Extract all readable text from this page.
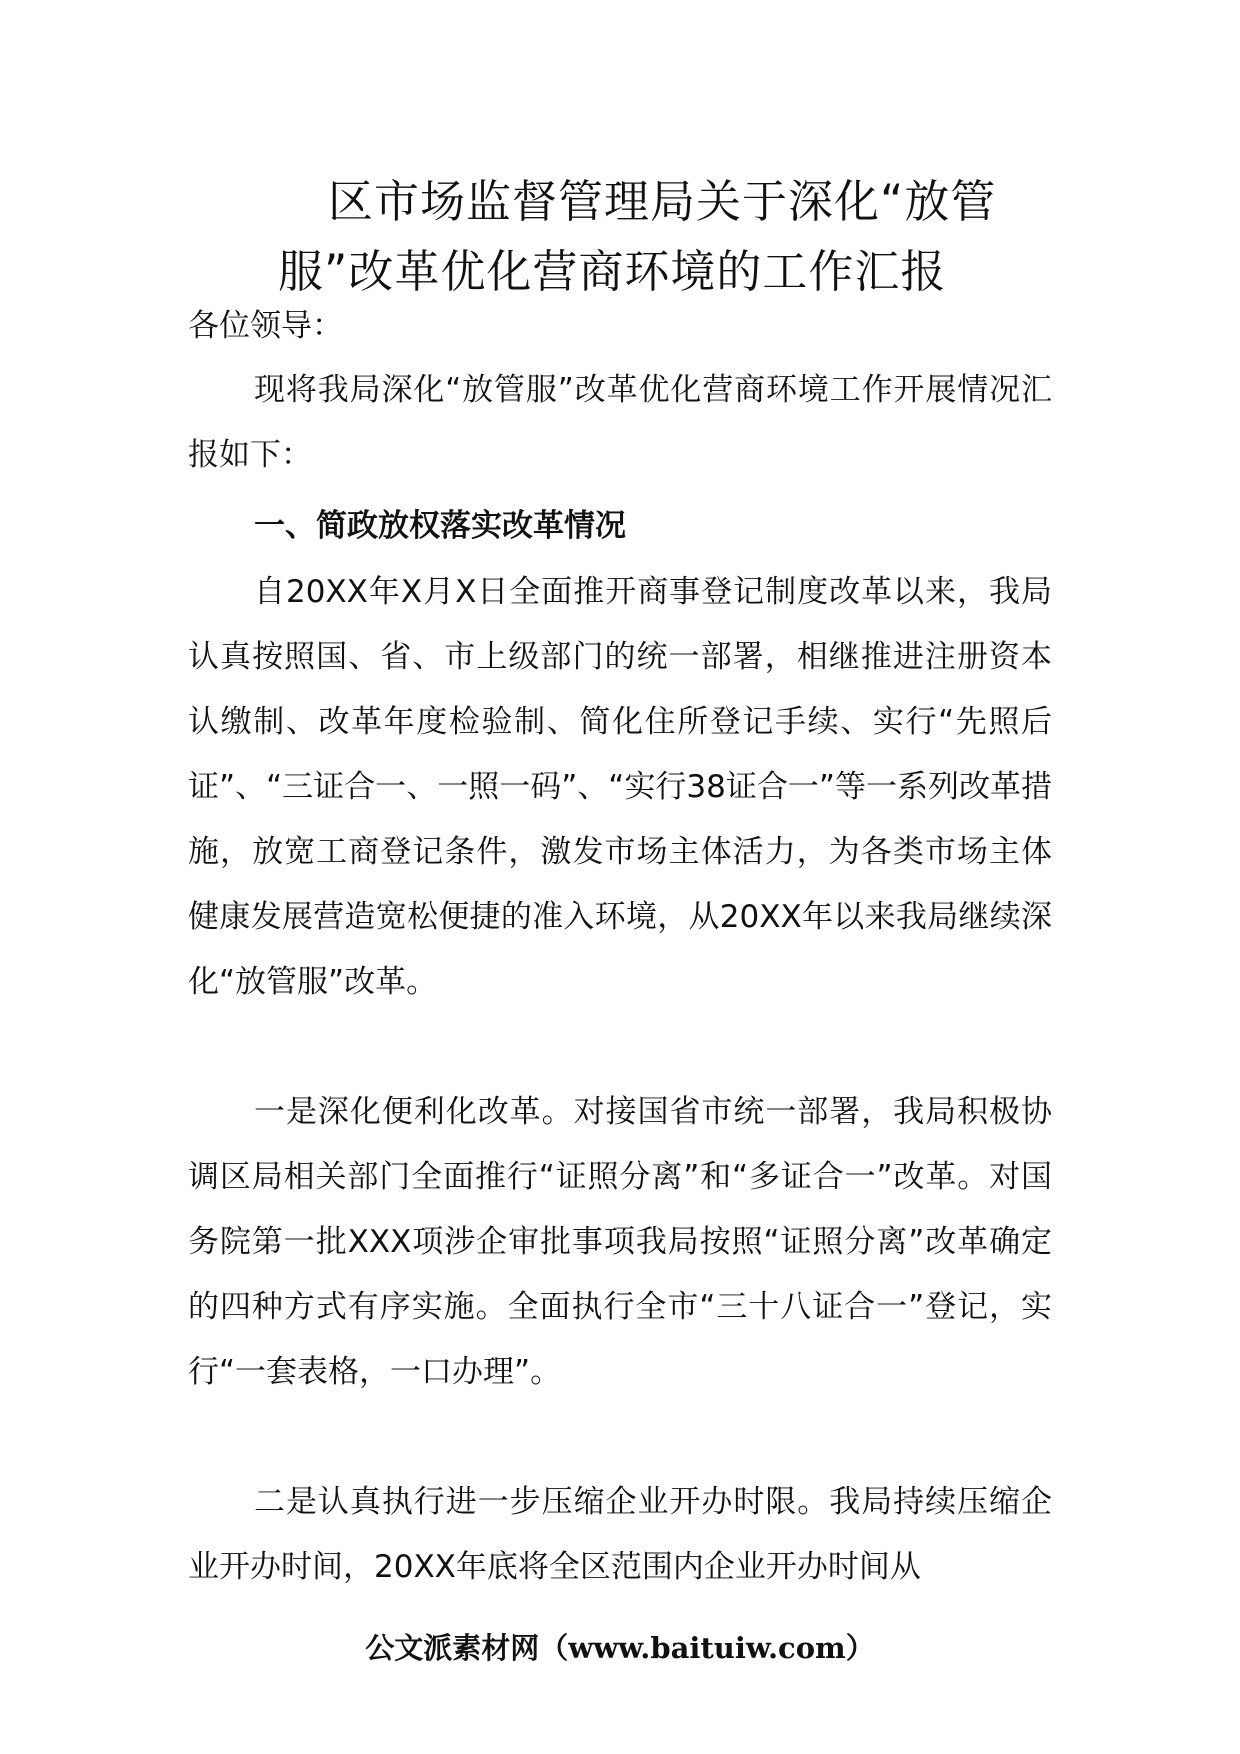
区市场监督管理局关于深化“放管
服”改革优化营商环境的工作汇报
各位领导：
现将我局深化“放管服”改革优化营商环境工作开展情况汇报如下：
一、简政放权落实改革情况
自20XX年X月X日全面推开商事登记制度改革以来，我局认真按照国、省、市上级部门的统一部署，相继推进注册资本认缴制、改革年度检验制、简化住所登记手续、实行“先照后证”、“三证合一、一照一码”、“实行38证合一”等一系列改革措施，放宽工商登记条件，激发市场主体活力，为各类市场主体健康发展营造宽松便捷的准入环境，从20XX年以来我局继续深化“放管服”改革。
一是深化便利化改革。对接国省市统一部署，我局积极协调区局相关部门全面推行“证照分离”和“多证合一”改革。对国务院第一批XXX项涉企审批事项我局按照“证照分离”改革确定的四种方式有序实施。全面执行全市“三十八证合一”登记，实行“一套表格，一口办理”。
二是认真执行进一步压缩企业开办时限。我局持续压缩企业开办时间，20XX年底将全区范围内企业开办时间从
公文派素材网（www.baituiw.com）
